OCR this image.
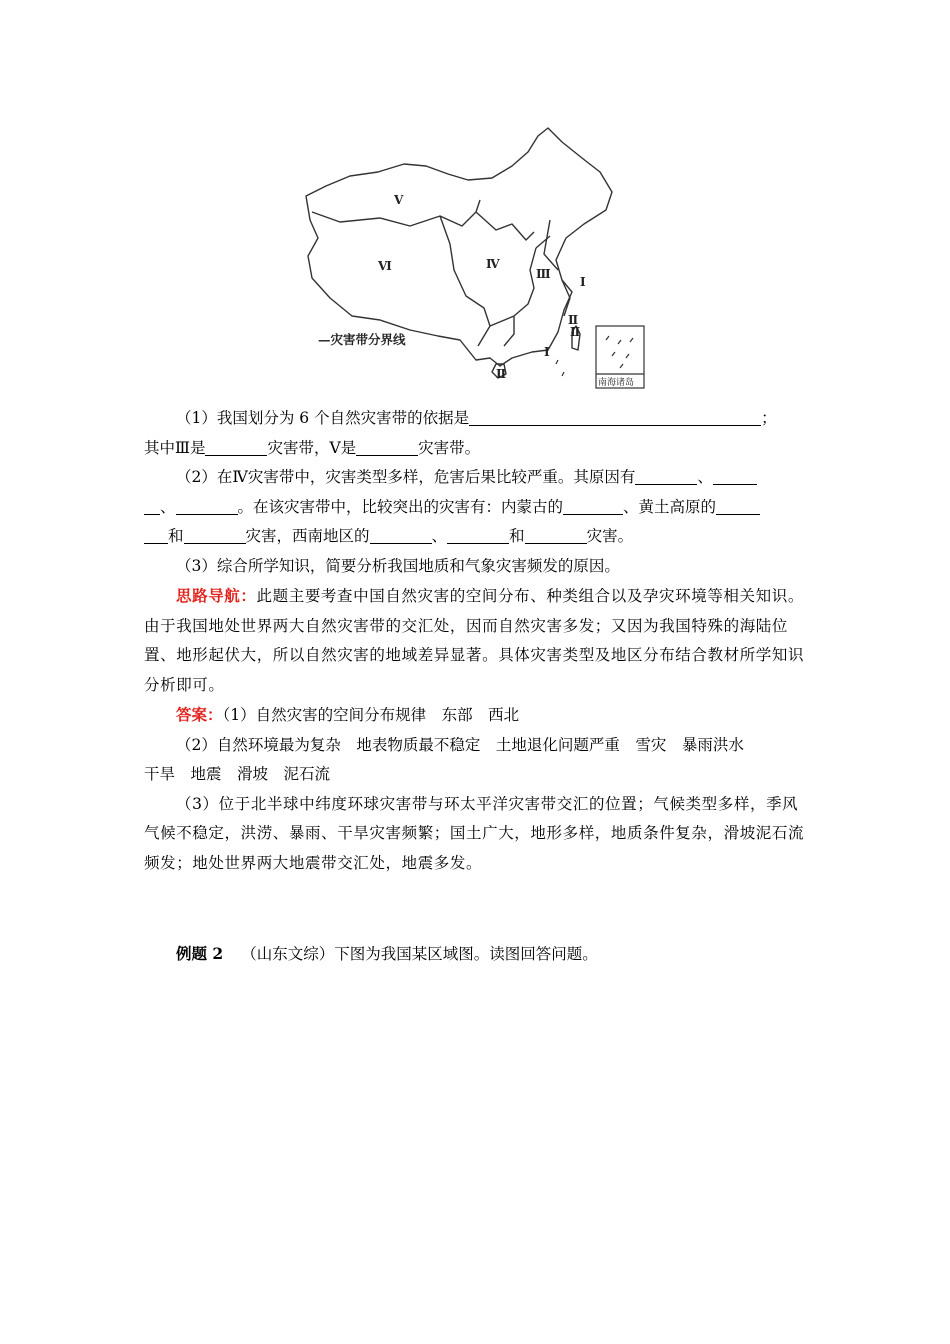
Ⅴ
Ⅵ	Ⅳ
Ⅲ
Ⅰ
Ⅱ
Ⅱ
Ⅰ
Ⅱ
—灾害带分界线
南海诸岛

（1）我国划分为 6 个自然灾害带的依据是	；

其中Ⅲ是	灾害带，Ⅴ是	灾害带。

（2）在Ⅳ灾害带中，灾害类型多样，危害后果比较严重。其原因有	、

、	。在该灾害带中，比较突出的灾害有：内蒙古的	、黄土高原的

和	灾害，西南地区的	、	和	灾害。

（3）综合所学知识，简要分析我国地质和气象灾害频发的原因。

思路导航：此题主要考查中国自然灾害的空间分布、种类组合以及孕灾环境等相关知识。由于我国地处世界两大自然灾害带的交汇处，因而自然灾害多发；又因为我国特殊的海陆位置、地形起伏大，所以自然灾害的地域差异显著。具体灾害类型及地区分布结合教材所学知识分析即可。

答案：（1）自然灾害的空间分布规律　东部　西北

（2）自然环境最为复杂　地表物质最不稳定　土地退化问题严重　雪灾　暴雨洪水

干旱　地震　滑坡　泥石流

（3）位于北半球中纬度环球灾害带与环太平洋灾害带交汇的位置；气候类型多样，季风气候不稳定，洪涝、暴雨、干旱灾害频繁；国土广大，地形多样，地质条件复杂，滑坡泥石流频发；地处世界两大地震带交汇处，地震多发。

例题 2 （山东文综）下图为我国某区域图。读图回答问题。
